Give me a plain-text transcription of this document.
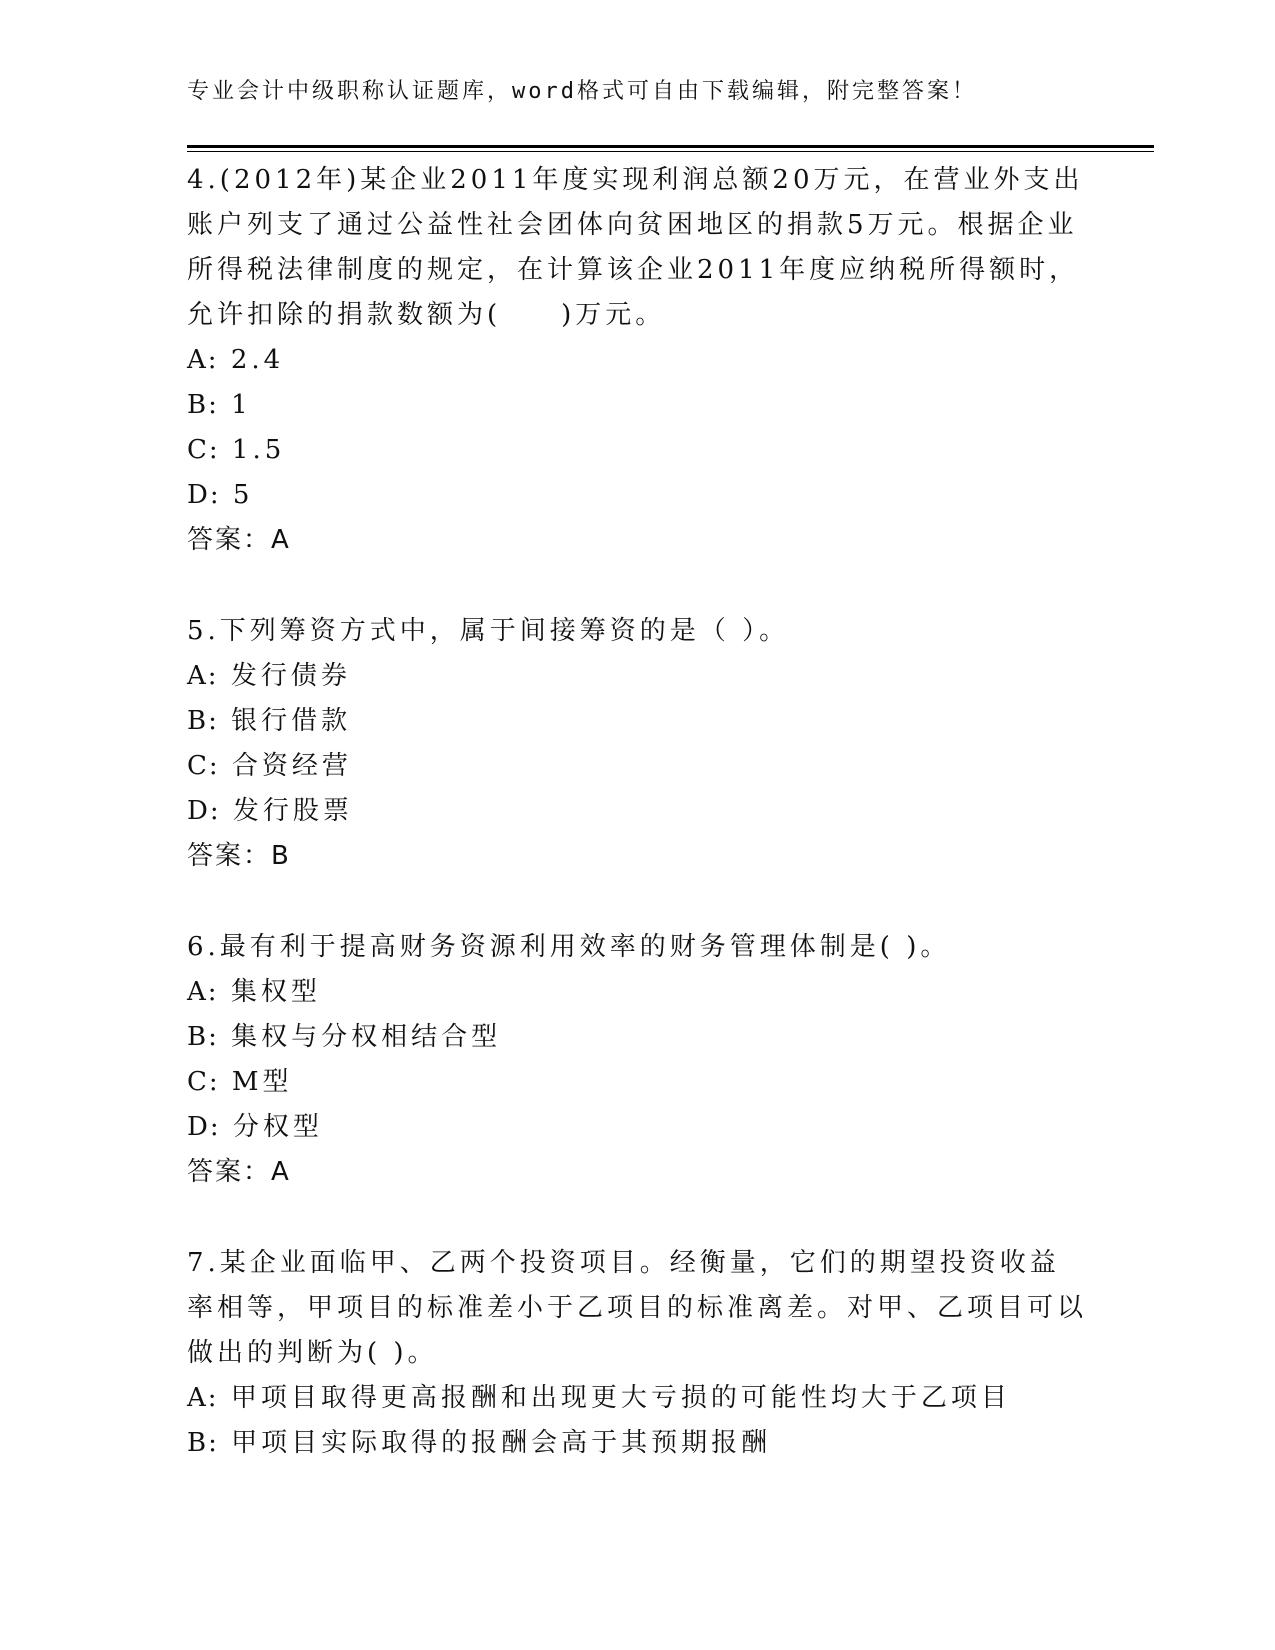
专业会计中级职称认证题库，word格式可自由下载编辑，附完整答案！

4.(2012年)某企业2011年度实现利润总额20万元，在营业外支出账户列支了通过公益性社会团体向贫困地区的捐款5万元。根据企业所得税法律制度的规定，在计算该企业2011年度应纳税所得额时，允许扣除的捐款数额为(　　)万元。

A: 2.4

B: 1

C: 1.5

D: 5

答案：A

5.下列筹资方式中，属于间接筹资的是（ ）。

A: 发行债券

B: 银行借款

C: 合资经营

D: 发行股票

答案：B

6.最有利于提高财务资源利用效率的财务管理体制是( )。

A: 集权型

B: 集权与分权相结合型

C: M型

D: 分权型

答案：A

7.某企业面临甲、乙两个投资项目。经衡量，它们的期望投资收益率相等，甲项目的标准差小于乙项目的标准离差。对甲、乙项目可以做出的判断为( )。

A: 甲项目取得更高报酬和出现更大亏损的可能性均大于乙项目

B: 甲项目实际取得的报酬会高于其预期报酬
